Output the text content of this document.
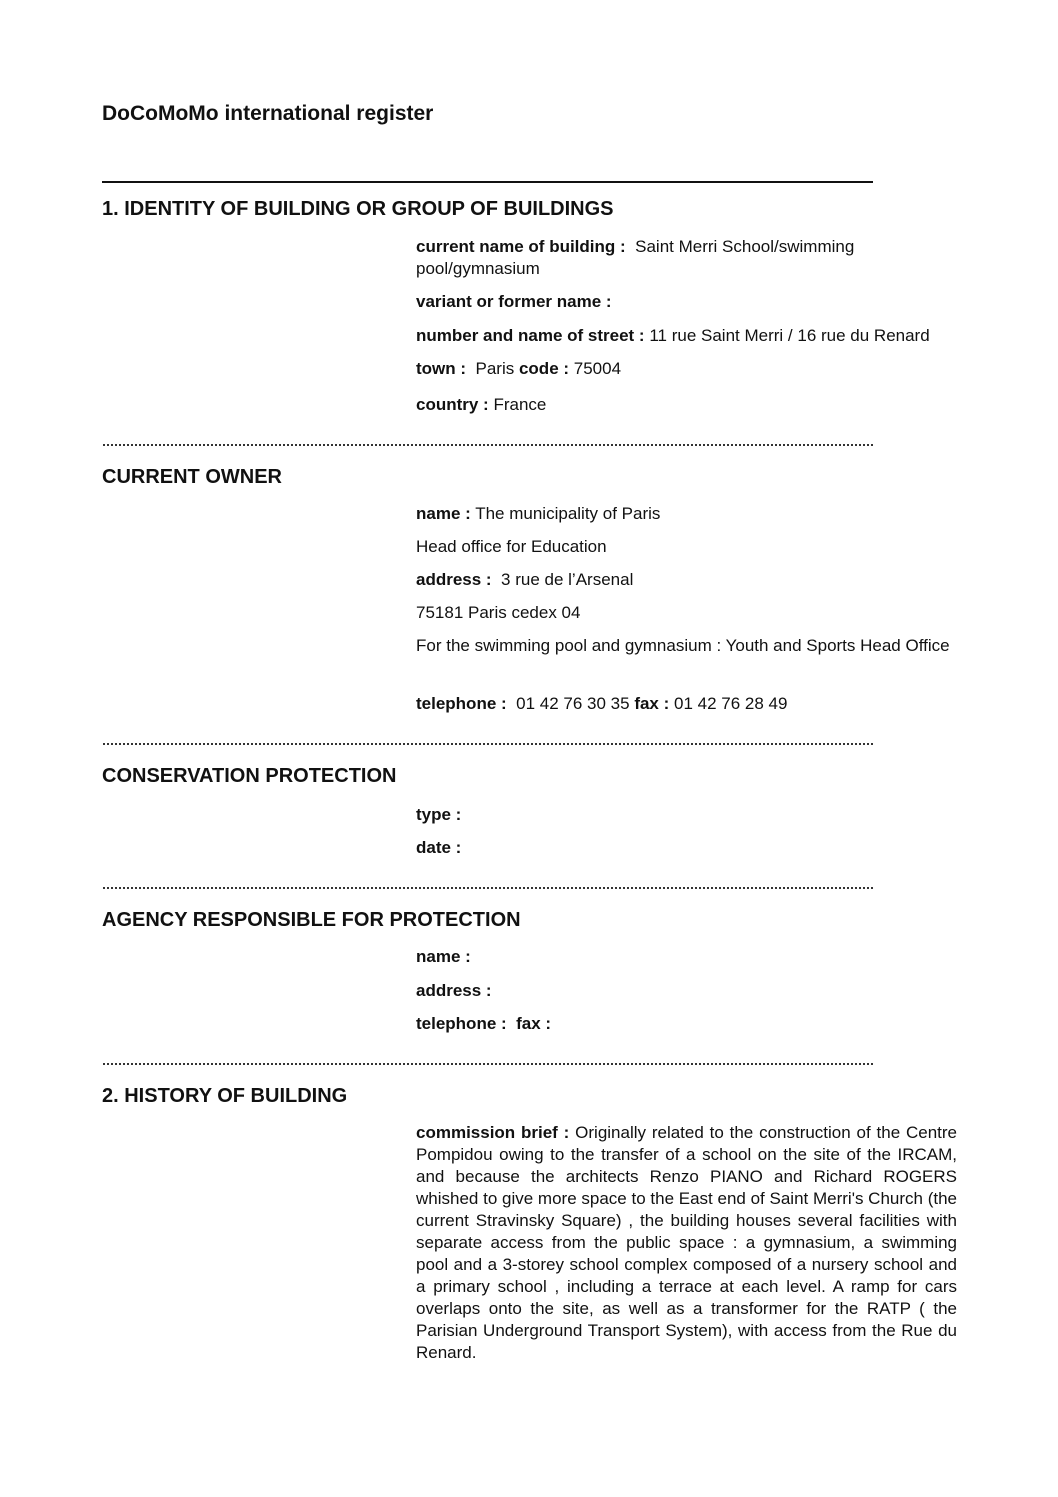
DoCoMoMo international register
1. IDENTITY OF BUILDING OR GROUP OF BUILDINGS

current name of building : Saint Merri School/swimming pool/gymnasium

variant or former name :

number and name of street : 11 rue Saint Merri / 16 rue du Renard

town : Paris code : 75004

country : France

CURRENT OWNER

name : The municipality of Paris

Head office for Education

address : 3 rue de l’Arsenal

75181 Paris cedex 04

For the swimming pool and gymnasium : Youth and Sports Head Office

telephone : 01 42 76 30 35 fax : 01 42 76 28 49

CONSERVATION PROTECTION

type :

date :

AGENCY RESPONSIBLE FOR PROTECTION

name :

address :

telephone : fax :

2. HISTORY OF BUILDING

commission brief : Originally related to the construction of the Centre Pompidou owing to the transfer of a school on the site of the IRCAM, and because the architects Renzo PIANO and Richard ROGERS whished to give more space to the East end of Saint Merri's Church (the current Stravinsky Square) , the building houses several facilities with separate access from the public space : a gymnasium, a swimming pool and a 3-storey school complex composed of a nursery school and a primary school , including a terrace at each level. A ramp for cars overlaps onto the site, as well as a transformer for the RATP ( the Parisian Underground Transport System), with access from the Rue du Renard.
